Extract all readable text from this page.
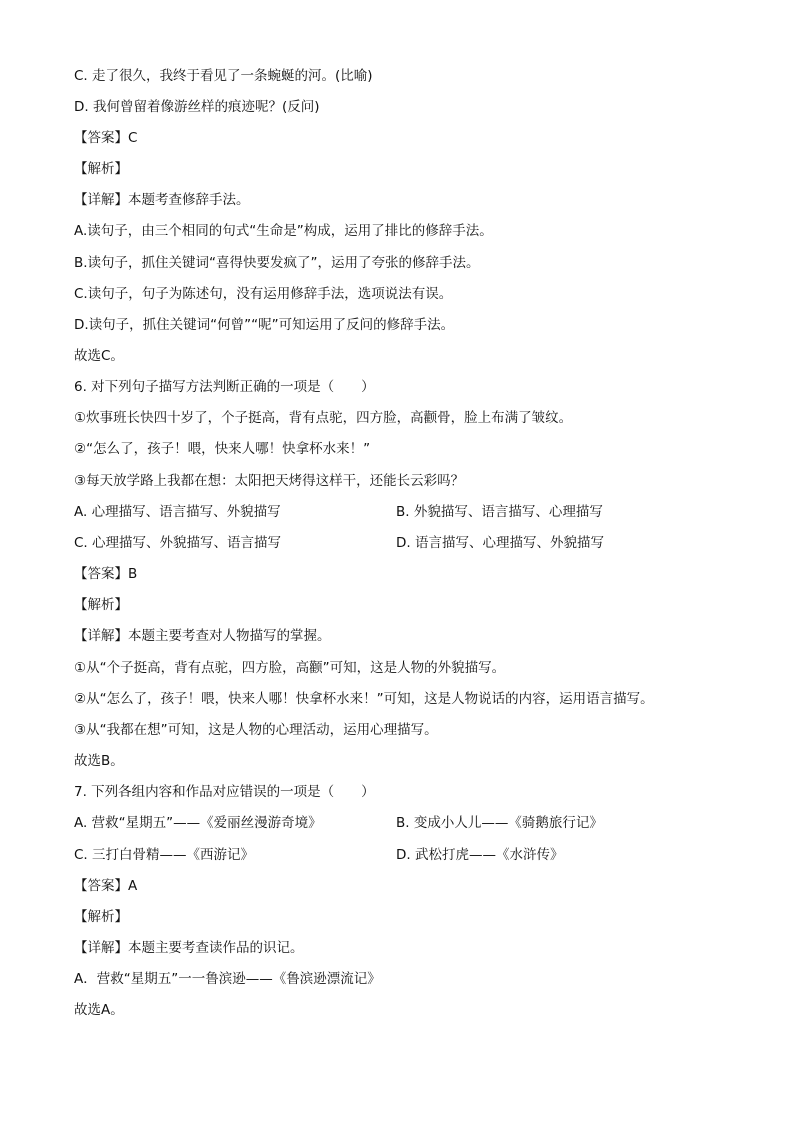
C. 走了很久，我终于看见了一条蜿蜒的河。(比喻)
D. 我何曾留着像游丝样的痕迹呢？(反问)
【答案】C
【解析】
【详解】本题考查修辞手法。
A.读句子，由三个相同的句式“生命是”构成，运用了排比的修辞手法。
B.读句子，抓住关键词“喜得快要发疯了”，运用了夸张的修辞手法。
C.读句子，句子为陈述句，没有运用修辞手法，选项说法有误。
D.读句子，抓住关键词“何曾”“呢”可知运用了反问的修辞手法。
故选C。
6. 对下列句子描写方法判断正确的一项是（　　）
①炊事班长快四十岁了，个子挺高，背有点驼，四方脸，高颧骨，脸上布满了皱纹。
②“怎么了，孩子！喂，快来人哪！快拿杯水来！”
③每天放学路上我都在想：太阳把天烤得这样干，还能长云彩吗？
A. 心理描写、语言描写、外貌描写	B. 外貌描写、语言描写、心理描写
C. 心理描写、外貌描写、语言描写	D. 语言描写、心理描写、外貌描写
【答案】B
【解析】
【详解】本题主要考查对人物描写的掌握。
①从“个子挺高，背有点驼，四方脸，高颧”可知，这是人物的外貌描写。
②从“怎么了，孩子！喂，快来人哪！快拿杯水来！”可知，这是人物说话的内容，运用语言描写。
③从“我都在想”可知，这是人物的心理活动，运用心理描写。
故选B。
7. 下列各组内容和作品对应错误的一项是（　　）
A. 营救“星期五”——《爱丽丝漫游奇境》	B. 变成小人儿——《骑鹅旅行记》
C. 三打白骨精——《西游记》	D. 武松打虎——《水浒传》
【答案】A
【解析】
【详解】本题主要考查读作品的识记。
A．营救“星期五”一一鲁滨逊——《鲁滨逊漂流记》
故选A。
